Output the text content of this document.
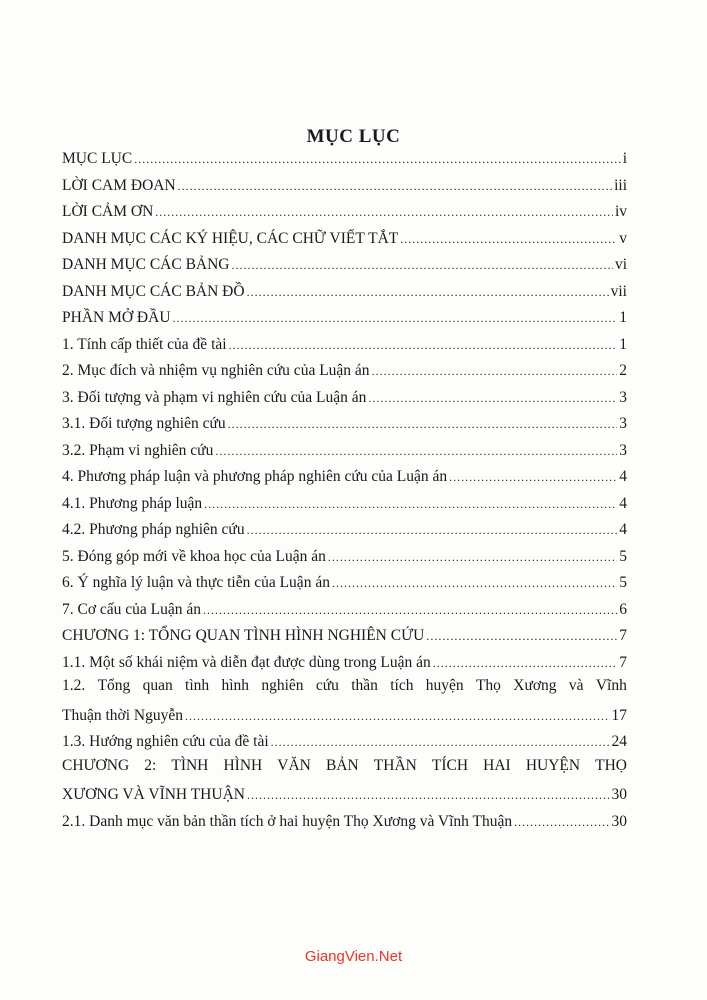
MỤC LỤC
MỤC LỤC .....	i
LỜI CAM ĐOAN .....	iii
LỜI CẢM ƠN .....	iv
DANH MỤC CÁC KÝ HIỆU, CÁC CHỮ VIẾT TẮT .....	v
DANH MỤC CÁC BẢNG .....	vi
DANH MỤC CÁC BẢN ĐỒ .....	vii
PHẦN MỞ ĐẦU .....	1
1. Tính cấp thiết của đề tài .....	1
2. Mục đích và nhiệm vụ nghiên cứu của Luận án .....	2
3. Đối tượng và phạm vi nghiên cứu của Luận án .....	3
3.1. Đối tượng nghiên cứu .....	3
3.2. Phạm vi nghiên cứu .....	3
4. Phương pháp luận và phương pháp nghiên cứu của Luận án .....	4
4.1. Phương pháp luận .....	4
4.2. Phương pháp nghiên cứu .....	4
5. Đóng góp mới về khoa học của Luận án .....	5
6. Ý nghĩa lý luận và thực tiễn của Luận án .....	5
7. Cơ cấu của Luận án .....	6
CHƯƠNG 1: TỔNG QUAN TÌNH HÌNH NGHIÊN CỨU .....	7
1.1. Một số khái niệm và diễn đạt được dùng trong Luận án .....	7
1.2. Tổng quan tình hình nghiên cứu thần tích huyện Thọ Xương và Vĩnh
Thuận thời Nguyễn .....	17
1.3. Hướng nghiên cứu của đề tài .....	24
CHƯƠNG 2: TÌNH HÌNH VĂN BẢN THẦN TÍCH HAI HUYỆN THỌ
XƯƠNG VÀ VĨNH THUẬN .....	30
2.1. Danh mục văn bản thần tích ở hai huyện Thọ Xương và Vĩnh Thuận .....	30
GiangVien.Net
